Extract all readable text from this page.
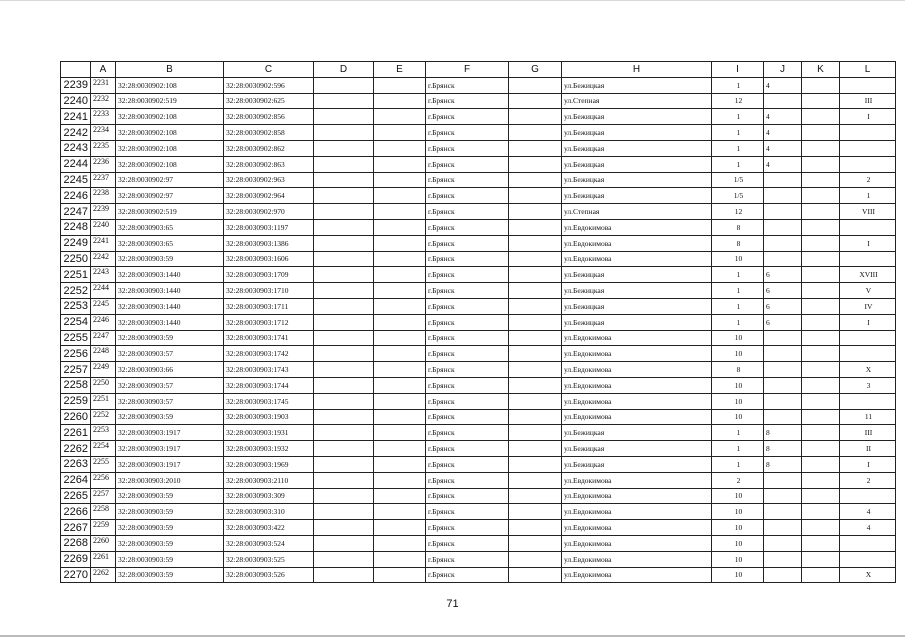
	A	B	C	D	E	F	G	H	I	J	K	L
2239	2231	32:28:0030902:108	32:28:0030902:596			г.Брянск		ул.Бежицкая	1	4		
2240	2232	32:28:0030902:519	32:28:0030902:625			г.Брянск		ул.Степная	12			III
2241	2233	32:28:0030902:108	32:28:0030902:856			г.Брянск		ул.Бежицкая	1	4		I
2242	2234	32:28:0030902:108	32:28:0030902:858			г.Брянск		ул.Бежицкая	1	4		
2243	2235	32:28:0030902:108	32:28:0030902:862			г.Брянск		ул.Бежицкая	1	4		
2244	2236	32:28:0030902:108	32:28:0030902:863			г.Брянск		ул.Бежицкая	1	4		
2245	2237	32:28:0030902:97	32:28:0030902:963			г.Брянск		ул.Бежицкая	1/5			2
2246	2238	32:28:0030902:97	32:28:0030902:964			г.Брянск		ул.Бежицкая	1/5			1
2247	2239	32:28:0030902:519	32:28:0030902:970			г.Брянск		ул.Степная	12			VIII
2248	2240	32:28:0030903:65	32:28:0030903:1197			г.Брянск		ул.Евдокимова	8			
2249	2241	32:28:0030903:65	32:28:0030903:1386			г.Брянск		ул.Евдокимова	8			I
2250	2242	32:28:0030903:59	32:28:0030903:1606			г.Брянск		ул.Евдокимова	10			
2251	2243	32:28:0030903:1440	32:28:0030903:1709			г.Брянск		ул.Бежицкая	1	6		XVIII
2252	2244	32:28:0030903:1440	32:28:0030903:1710			г.Брянск		ул.Бежицкая	1	6		V
2253	2245	32:28:0030903:1440	32:28:0030903:1711			г.Брянск		ул.Бежицкая	1	6		IV
2254	2246	32:28:0030903:1440	32:28:0030903:1712			г.Брянск		ул.Бежицкая	1	6		I
2255	2247	32:28:0030903:59	32:28:0030903:1741			г.Брянск		ул.Евдокимова	10			
2256	2248	32:28:0030903:57	32:28:0030903:1742			г.Брянск		ул.Евдокимова	10			
2257	2249	32:28:0030903:66	32:28:0030903:1743			г.Брянск		ул.Евдокимова	8			X
2258	2250	32:28:0030903:57	32:28:0030903:1744			г.Брянск		ул.Евдокимова	10			3
2259	2251	32:28:0030903:57	32:28:0030903:1745			г.Брянск		ул.Евдокимова	10			
2260	2252	32:28:0030903:59	32:28:0030903:1903			г.Брянск		ул.Евдокимова	10			11
2261	2253	32:28:0030903:1917	32:28:0030903:1931			г.Брянск		ул.Бежицкая	1	8		III
2262	2254	32:28:0030903:1917	32:28:0030903:1932			г.Брянск		ул.Бежицкая	1	8		II
2263	2255	32:28:0030903:1917	32:28:0030903:1969			г.Брянск		ул.Бежицкая	1	8		I
2264	2256	32:28:0030903:2010	32:28:0030903:2110			г.Брянск		ул.Евдокимова	2			2
2265	2257	32:28:0030903:59	32:28:0030903:309			г.Брянск		ул.Евдокимова	10			
2266	2258	32:28:0030903:59	32:28:0030903:310			г.Брянск		ул.Евдокимова	10			4
2267	2259	32:28:0030903:59	32:28:0030903:422			г.Брянск		ул.Евдокимова	10			4
2268	2260	32:28:0030903:59	32:28:0030903:524			г.Брянск		ул.Евдокимова	10			
2269	2261	32:28:0030903:59	32:28:0030903:525			г.Брянск		ул.Евдокимова	10			
2270	2262	32:28:0030903:59	32:28:0030903:526			г.Брянск		ул.Евдокимова	10			X
71
